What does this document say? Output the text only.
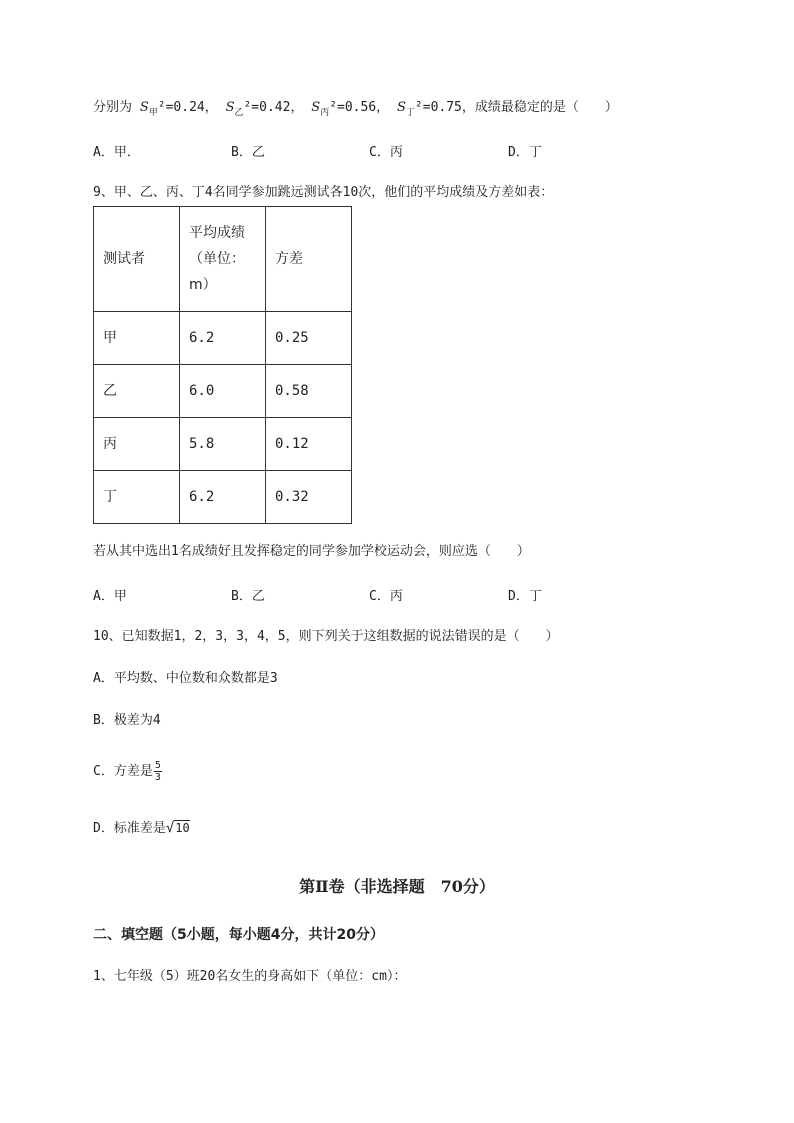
分别为 $S_甲^2=0.24$， $S_乙^2=0.42$， $S_丙^2=0.56$， $S_丁^2=0.75$，成绩最稳定的是（　　）
A．甲．	B．乙	C．丙	D．丁
9、甲、乙、丙、丁4名同学参加跳远测试各10次，他们的平均成绩及方差如表：
测试者	平均成绩
（单位：
m）	方差
甲	6.2	0.25
乙	6.0	0.58
丙	5.8	0.12
丁	6.2	0.32
若从其中选出1名成绩好且发挥稳定的同学参加学校运动会，则应选（　　）
A．甲	B．乙	C．丙	D．丁
10、已知数据1，2，3，3，4，5，则下列关于这组数据的说法错误的是（　　）
A．平均数、中位数和众数都是3
B．极差为4
C．方差是 $\frac{5}{3}$
D．标准差是√10
第Ⅱ卷（非选择题　70分）
二、填空题（5小题，每小题4分，共计20分）
1、七年级（5）班20名女生的身高如下（单位：cm）：
